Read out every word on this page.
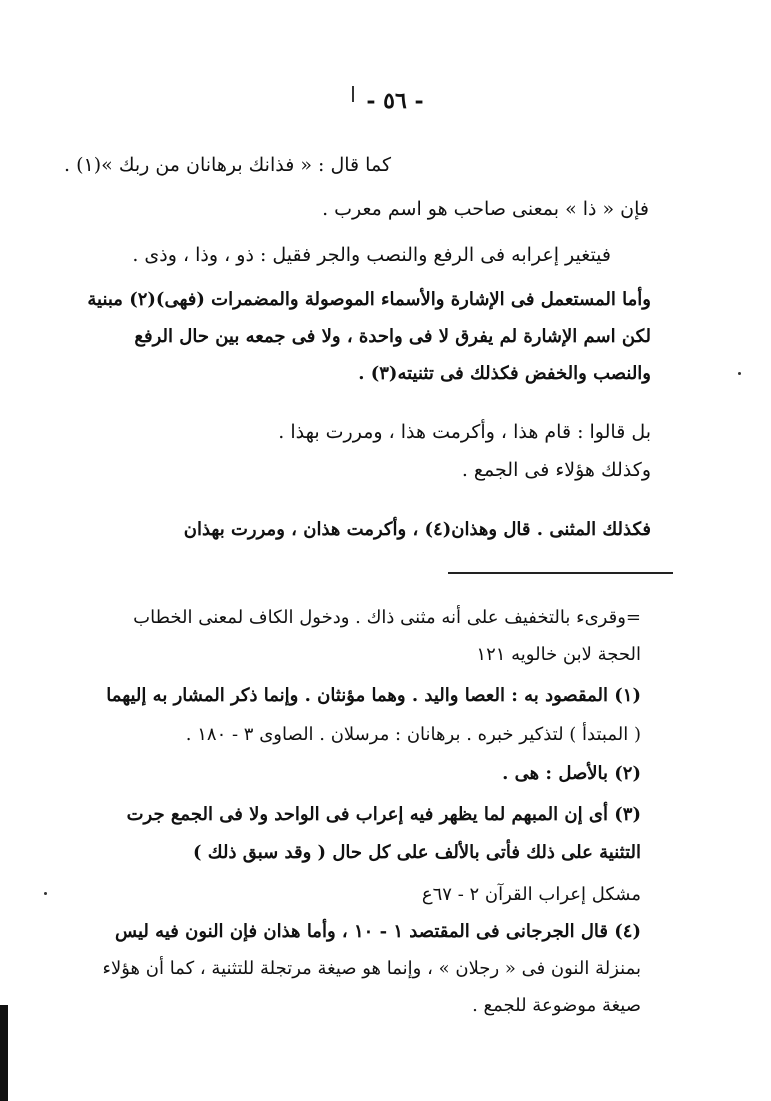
- ٥٦ -
كما قال : « فذانك برهانان من ربك »(١) .
فإن « ذا » بمعنى صاحب هو اسم معرب .
فيتغير إعرابه فى الرفع والنصب والجر فقيل : ذو ، وذا ، وذى .
وأما المستعمل فى الإشارة والأسماء الموصولة والمضمرات (فهى)(٢) مبنية
لكن اسم الإشارة لم يفرق لا فى واحدة ، ولا فى جمعه بين حال الرفع
والنصب والخفض فكذلك فى تثنيته(٣) .
بل قالوا : قام هذا ، وأكرمت هذا ، ومررت بهذا .
وكذلك هؤلاء فى الجمع .
فكذلك المثنى . قال وهذان(٤) ، وأكرمت هذان ، ومررت بهذان
=وقرىء بالتخفيف على أنه مثنى ذاك . ودخول الكاف لمعنى الخطاب
الحجة لابن خالويه ١٢١
(١) المقصود به : العصا واليد . وهما مؤنثان . وإنما ذكر المشار به إليهما
( المبتدأ ) لتذكير خبره . برهانان : مرسلان . الصاوى ٣ - ١٨٠ .
(٢) بالأصل : هى .
(٣) أى إن المبهم لما يظهر فيه إعراب فى الواحد ولا فى الجمع جرت
التثنية على ذلك فأتى بالألف على كل حال ( وقد سبق ذلك )
مشكل إعراب القرآن ٢ - ٦٧ع
(٤) قال الجرجانى فى المقتصد ١ - ١٠ ، وأما هذان فإن النون فيه ليس
بمنزلة النون فى « رجلان » ، وإنما هو صيغة مرتجلة للتثنية ، كما أن هؤلاء
صيغة موضوعة للجمع .
